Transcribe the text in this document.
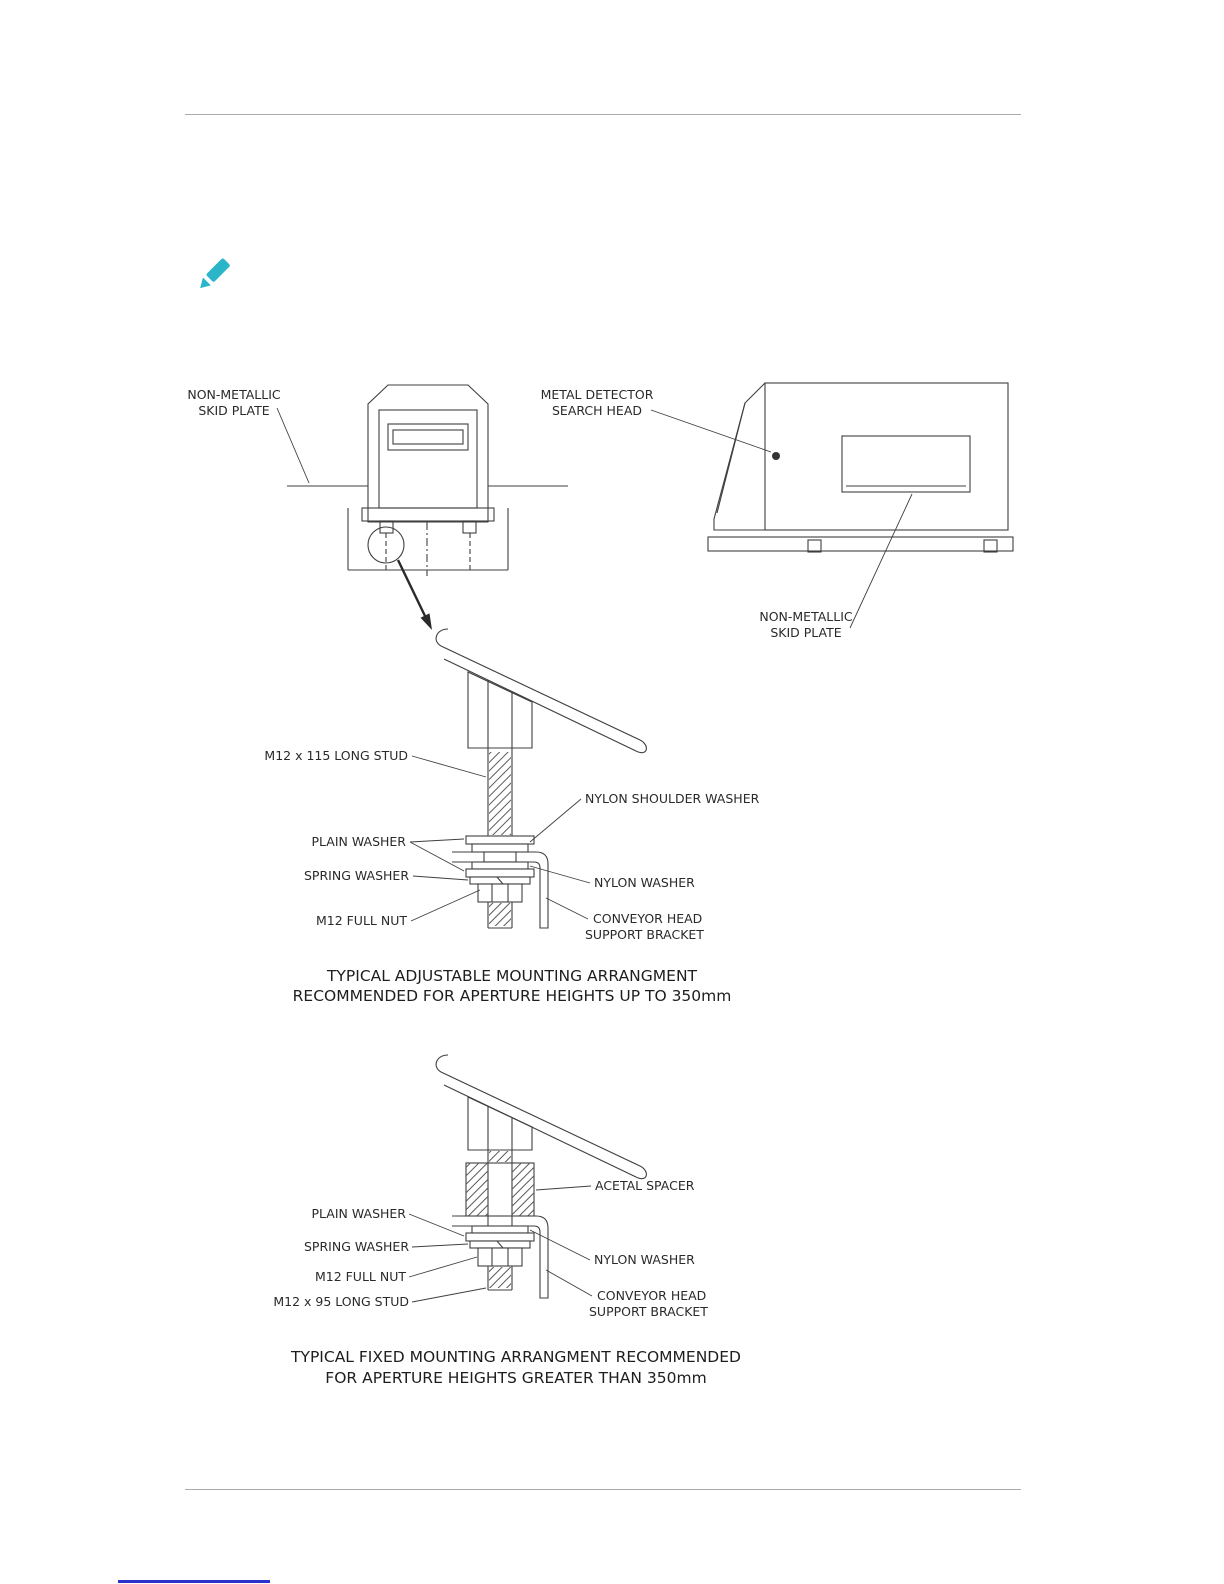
NON-METALLIC
SKID PLATE
METAL DETECTOR
SEARCH HEAD
NON-METALLIC
SKID PLATE
M12 x 115 LONG STUD
NYLON SHOULDER WASHER
PLAIN WASHER
SPRING WASHER	NYLON WASHER
M12 FULL NUT	CONVEYOR HEAD
SUPPORT BRACKET
TYPICAL ADJUSTABLE MOUNTING ARRANGMENT
RECOMMENDED FOR APERTURE HEIGHTS UP TO 350mm
ACETAL SPACER
PLAIN WASHER
SPRING WASHER
M12 FULL NUT
M12 x 95 LONG STUD
NYLON WASHER
CONVEYOR HEAD
SUPPORT BRACKET
TYPICAL FIXED MOUNTING ARRANGMENT RECOMMENDED
FOR APERTURE HEIGHTS GREATER THAN 350mm
